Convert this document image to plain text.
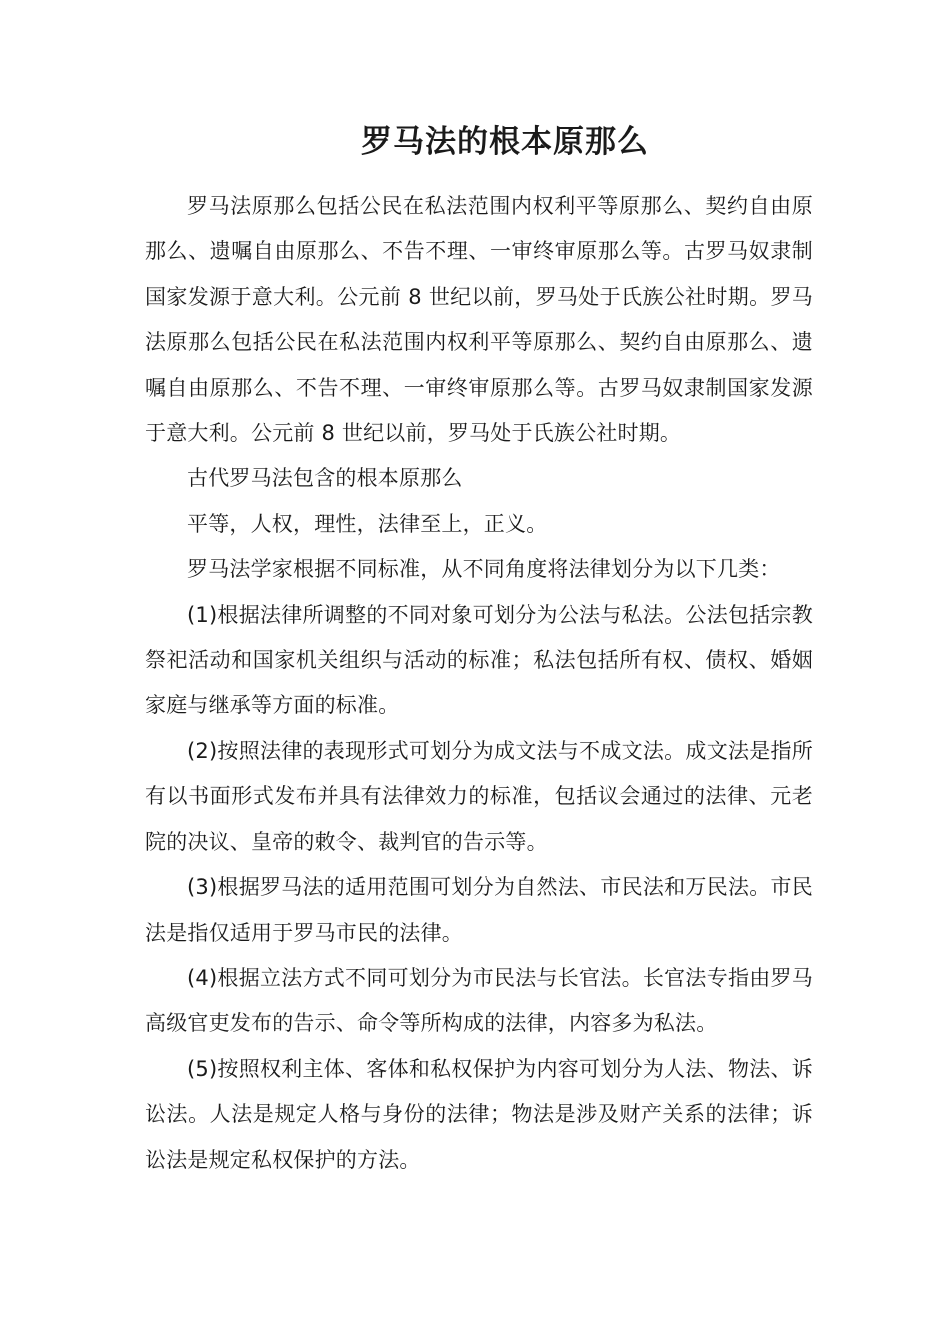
罗马法的根本原那么

罗马法原那么包括公民在私法范围内权利平等原那么、契约自由原那么、遗嘱自由原那么、不告不理、一审终审原那么等。古罗马奴隶制国家发源于意大利。公元前 8 世纪以前，罗马处于氏族公社时期。罗马法原那么包括公民在私法范围内权利平等原那么、契约自由原那么、遗嘱自由原那么、不告不理、一审终审原那么等。古罗马奴隶制国家发源于意大利。公元前 8 世纪以前，罗马处于氏族公社时期。

古代罗马法包含的根本原那么

平等，人权，理性，法律至上，正义。

罗马法学家根据不同标准，从不同角度将法律划分为以下几类：

(1)根据法律所调整的不同对象可划分为公法与私法。公法包括宗教祭祀活动和国家机关组织与活动的标准；私法包括所有权、债权、婚姻家庭与继承等方面的标准。

(2)按照法律的表现形式可划分为成文法与不成文法。成文法是指所有以书面形式发布并具有法律效力的标准，包括议会通过的法律、元老院的决议、皇帝的敕令、裁判官的告示等。

(3)根据罗马法的适用范围可划分为自然法、市民法和万民法。市民法是指仅适用于罗马市民的法律。

(4)根据立法方式不同可划分为市民法与长官法。长官法专指由罗马高级官吏发布的告示、命令等所构成的法律，内容多为私法。

(5)按照权利主体、客体和私权保护为内容可划分为人法、物法、诉讼法。人法是规定人格与身份的法律；物法是涉及财产关系的法律；诉讼法是规定私权保护的方法。
